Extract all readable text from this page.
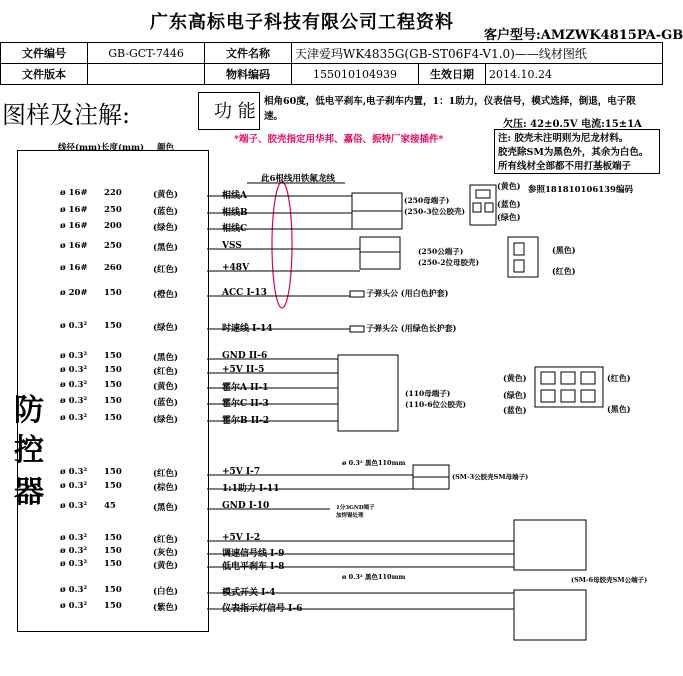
广东高标电子科技有限公司工程资料
客户型号:AMZWK4815PA-GB
文件编号	GB-GCT-7446	文件名称	天津爱玛WK4835G(GB-ST06F4-V1.0)——线材图纸		
文件版本		物料编码	155010104939	生效日期	2014.10.24
图样及注解:	功 能 相角60度，低电平刹车,电子刹车内置，1：1助力，仪表信号，模式选择，倒退，电子限速。
欠压: 42±0.5V 电流:15±1A
*端子、胶壳指定用华邦、嘉俗、振特厂家接插件*	注: 胶壳未注明则为尼龙材料。
胶壳除SM为黑色外，其余为白色。
所有线材全部都不用打基板端子
线径(mm)长度(mm) 颜色
防
控
器
ø 16# 220	(黄色)	相线A
ø 16# 250	(蓝色)	相线B
ø 16# 200	(绿色)	相线C
ø 16# 250	(黑色)	VSS
ø 16# 260	(红色)	+48V
ø 20# 150	(橙色)	ACC I-13
ø 0.3² 150	(绿色)	时速线 I-14
ø 0.3² 150	(黑色)	GND II-6
ø 0.3² 150	(红色)	+5V II-5
ø 0.3² 150	(黄色)	霍尔A II-1
ø 0.3² 150	(蓝色)	霍尔C II-3
ø 0.3² 150	(绿色)	霍尔B II-2
ø 0.3² 150	(红色)	+5V I-7
ø 0.3² 150	(棕色)	1:1助力 I-11
ø 0.3² 45	(黑色)	GND I-10
ø 0.3² 150	(红色)	+5V I-2
ø 0.3² 150	(灰色)	调速信号线 I-9
ø 0.3² 150	(黄色)	低电平刹车 I-8
ø 0.3² 150	(白色)	模式开关 I-4
ø 0.3² 150	(紫色)	仪表指示灯信号 I-6
此6根线用铁氟龙线
参照181810106139编码
(250母端子)
(250-3位公胶壳)
(250公端子)
(250-2位母胶壳)
子弹头公 (用白色护套)
子弹头公 (用绿色长护套)
(110母端子)
(110-6位公胶壳)
(SM-3公胶壳SM母端子)
(SM-6母胶壳SM公端子)
ø 0.3² 黑色110mm
ø 0.3² 黑色110mm
1分3GND端子
加焊锡处理
(黄色)
(蓝色)
(绿色)
(黑色)
(红色)
(黄色)
(绿色)
(蓝色)
(红色)
(黑色)
